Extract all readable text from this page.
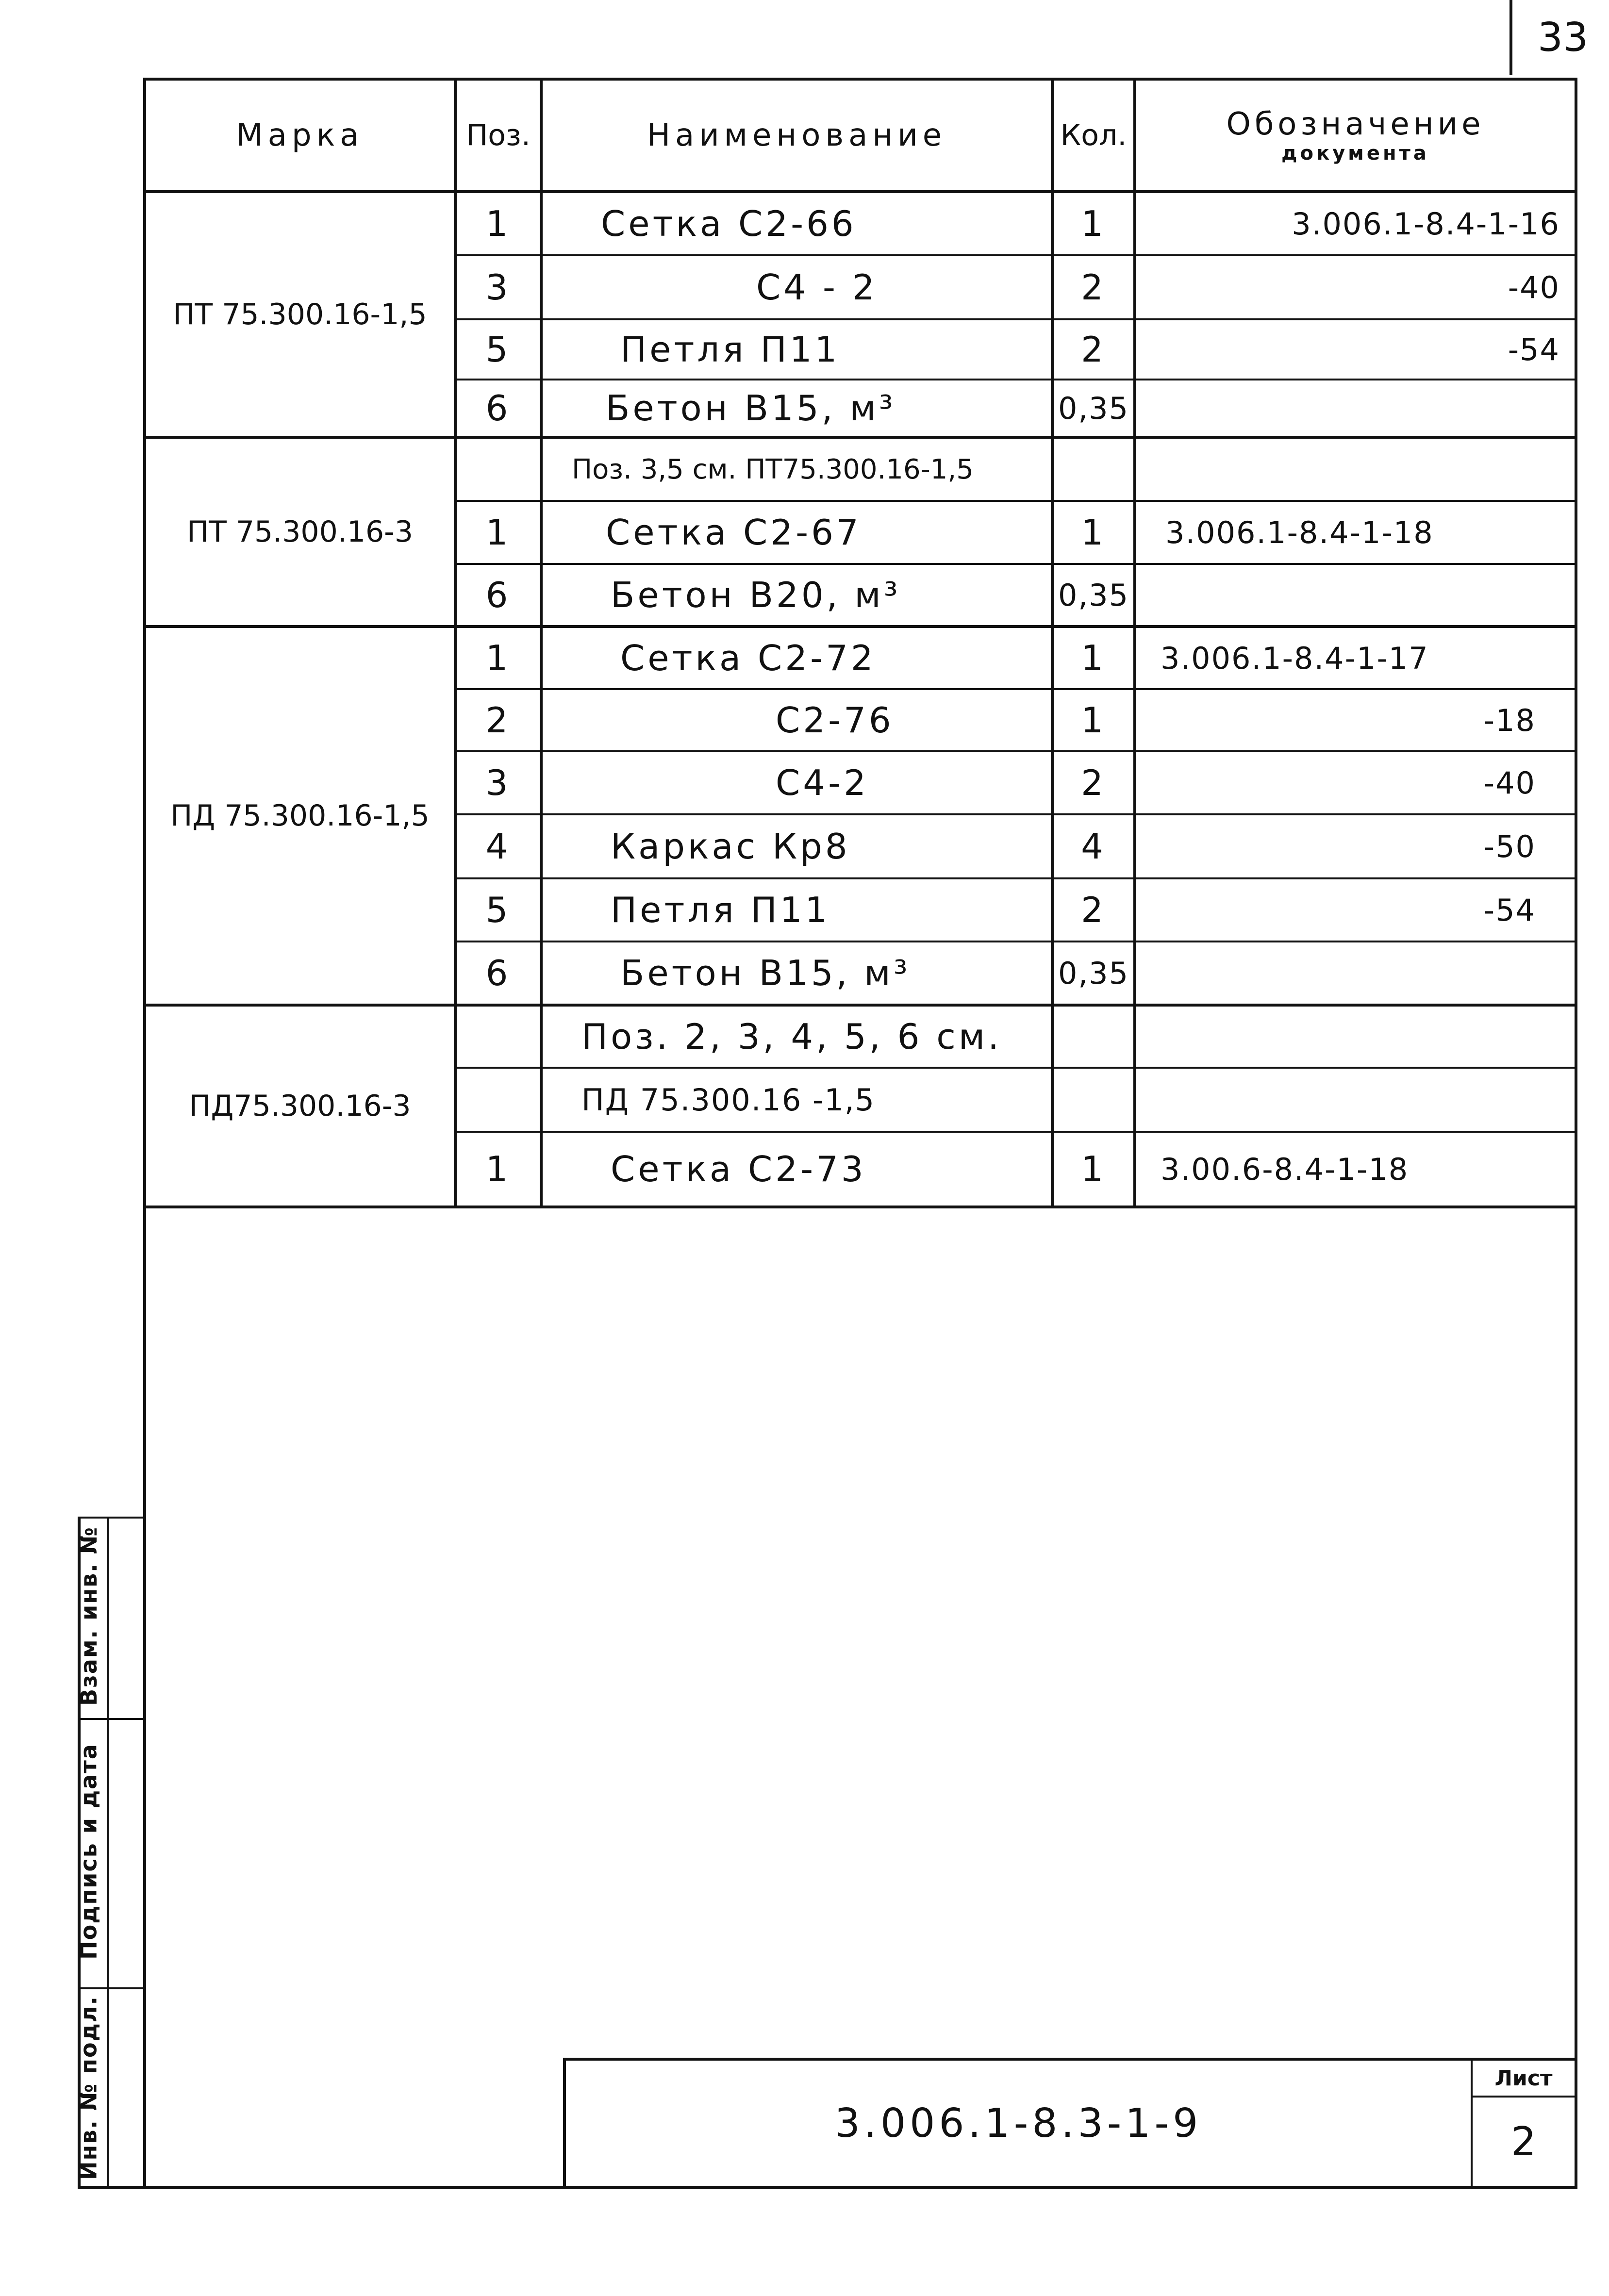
33
Марка	Поз.	Наименование	Кол.	Обозначение
документа
ПТ 75.300.16-1,5
1	Сетка С2-66	1	3.006.1-8.4-1-16
3	С4 - 2	2	-40
5	Петля П11	2	-54
6	Бетон В15, м³	0,35
ПТ 75.300.16-3
Поз. 3,5 см. ПТ75.300.16-1,5
1	Сетка С2-67	1	3.006.1-8.4-1-18
6	Бетон В20, м³	0,35
ПД 75.300.16-1,5
1	Сетка С2-72	1	3.006.1-8.4-1-17
2	С2-76	1	-18
3	С4-2	2	-40
4	Каркас Кр8	4	-50
5	Петля П11	2	-54
6	Бетон В15, м³	0,35
ПД75.300.16-3
Поз. 2, 3, 4, 5, 6 см.
ПД 75.300.16 -1,5
1	Сетка С2-73	1	3.00.6-8.4-1-18
Взам. инв. №
Подпись и дата
Инв. № подл.	3.006.1-8.3-1-9
Лист
2
